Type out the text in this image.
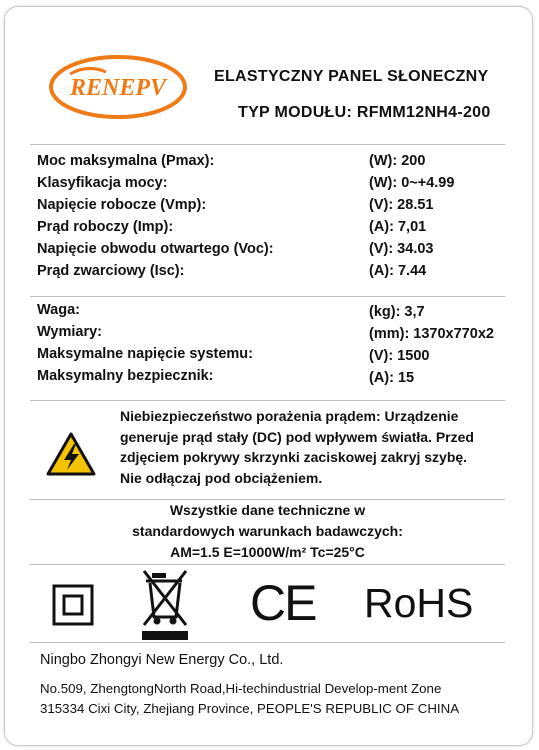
RENEPV	ELASTYCZNY PANEL SŁONECZNY
TYP MODUŁU: RFMM12NH4-200
Moc maksymalna (Pmax):	(W): 200
Klasyfikacja mocy:	(W): 0~+4.99
Napięcie robocze (Vmp):	(V): 28.51
Prąd roboczy (Imp):	(A): 7,01
Napięcie obwodu otwartego (Voc):	(V): 34.03
Prąd zwarciowy (Isc):	(A): 7.44
Waga:	(kg): 3,7
Wymiary:	(mm): 1370x770x2
Maksymalne napięcie systemu:	(V): 1500
Maksymalny bezpiecznik:	(A): 15
Niebiezpieczeństwo porażenia prądem: Urządzenie
generuje prąd stały (DC) pod wpływem światła. Przed
zdjęciem pokrywy skrzynki zaciskowej zakryj szybę.
Nie odłączaj pod obciążeniem.
Wszystkie dane techniczne w
standardowych warunkach badawczych:
AM=1.5 E=1000W/m² Tc=25°C
CE RoHS
Ningbo Zhongyi New Energy Co., Ltd.
No.509, ZhengtongNorth Road,Hi-techindustrial Develop-ment Zone
315334 Cixi City, Zhejiang Province, PEOPLE'S REPUBLIC OF CHINA
